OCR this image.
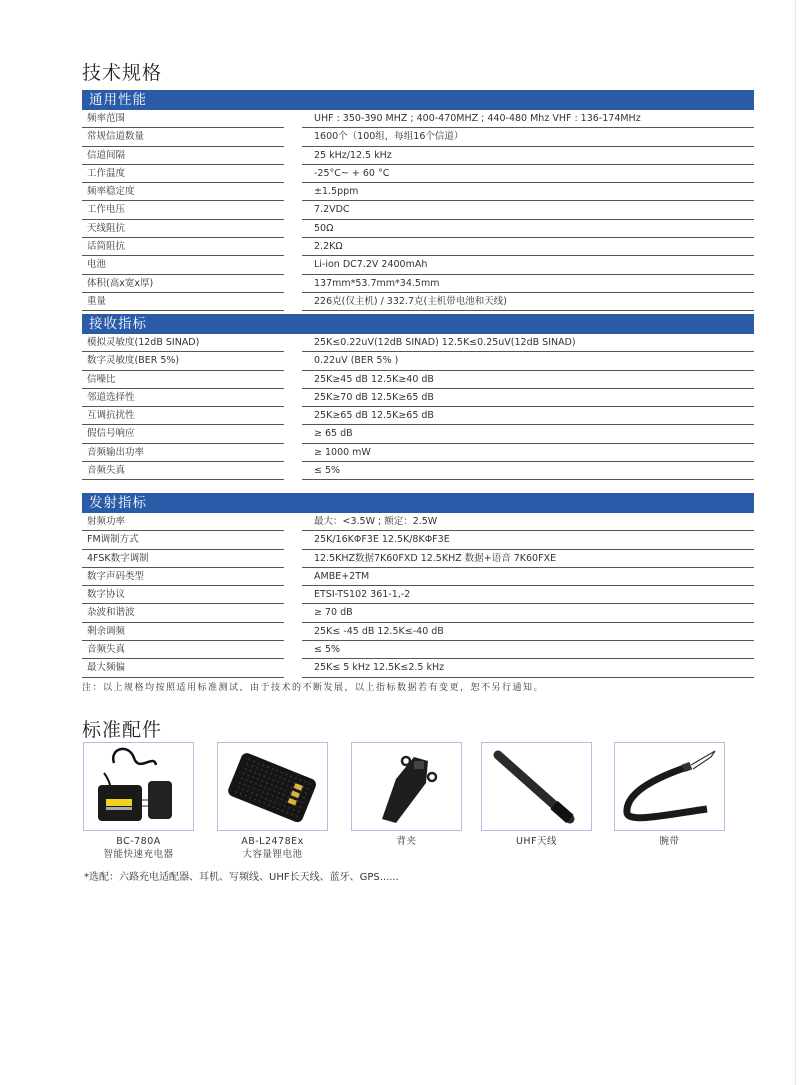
技术规格
通用性能
频率范围	UHF : 350-390 MHZ ; 400-470MHZ ; 440-480 Mhz VHF : 136-174MHz
常规信道数量	1600个（100组，每组16个信道）
信道间隔	25 kHz/12.5 kHz
工作温度	-25°C~ + 60 °C
频率稳定度	±1.5ppm
工作电压	7.2VDC
天线阻抗	50Ω
话筒阻抗	2.2KΩ
电池	Li-ion DC7.2V 2400mAh
体积(高x宽x厚)	137mm*53.7mm*34.5mm
重量	226克(仅主机) / 332.7克(主机带电池和天线)
接收指标
模拟灵敏度(12dB SINAD)	25K≤0.22uV(12dB SINAD) 12.5K≤0.25uV(12dB SINAD)
数字灵敏度(BER 5%)	0.22uV (BER 5% )
信噪比	25K≥45 dB 12.5K≥40 dB
邻道选择性	25K≥70 dB 12.5K≥65 dB
互调抗扰性	25K≥65 dB 12.5K≥65 dB
假信号响应	≥ 65 dB
音频输出功率	≥ 1000 mW
音频失真	≤ 5%
发射指标
射频功率	最大：<3.5W ; 额定：2.5W
FM调制方式	25K/16KΦF3E 12.5K/8KΦF3E
4FSK数字调制	12.5KHZ数据7K60FXD 12.5KHZ 数据+语音 7K60FXE
数字声码类型	AMBE+2TM
数字协议	ETSI-TS102 361-1,-2
杂波和谐波	≥ 70 dB
剩余调频	25K≤ -45 dB 12.5K≤-40 dB
音频失真	≤ 5%
最大频偏	25K≤ 5 kHz 12.5K≤2.5 kHz
注：以上规格均按照适用标准测试，由于技术的不断发展，以上指标数据若有变更，恕不另行通知。
标准配件
BC-780A
智能快速充电器
AB-L2478Ex
大容量锂电池
背夹	UHF天线	腕带
*选配：六路充电适配器、耳机、写频线、UHF长天线、蓝牙、GPS......
